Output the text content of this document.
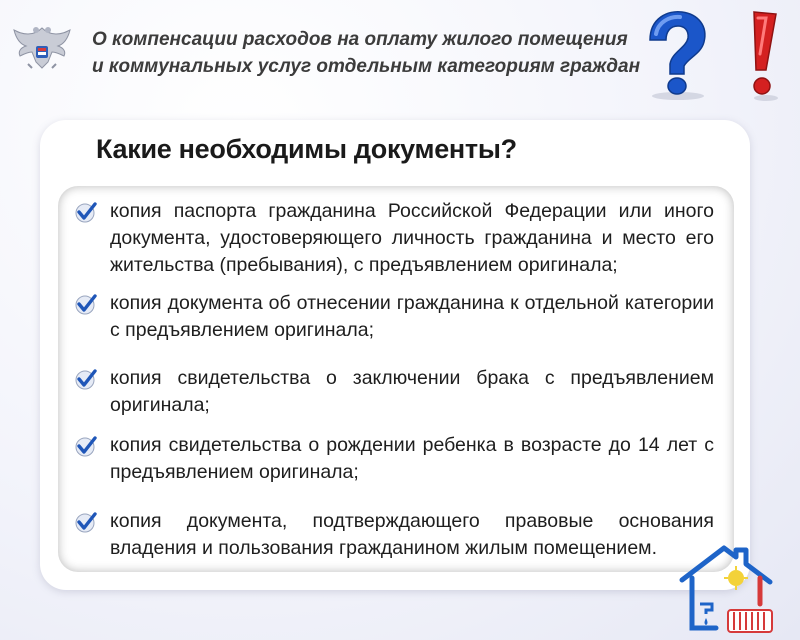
О компенсации расходов на оплату жилого помещения
и коммунальных услуг отдельным категориям граждан
Какие необходимы документы?
копия паспорта гражданина Российской Федерации или иного документа, удостоверяющего личность гражданина и место его жительства (пребывания), с предъявлением оригинала;
копия документа об отнесении гражданина к отдельной категории с предъявлением оригинала;
копия свидетельства о заключении брака с предъявлением оригинала;
копия свидетельства о рождении ребенка в возрасте до 14 лет с предъявлением оригинала;
копия документа, подтверждающего правовые основания владения и пользования гражданином жилым помещением.
